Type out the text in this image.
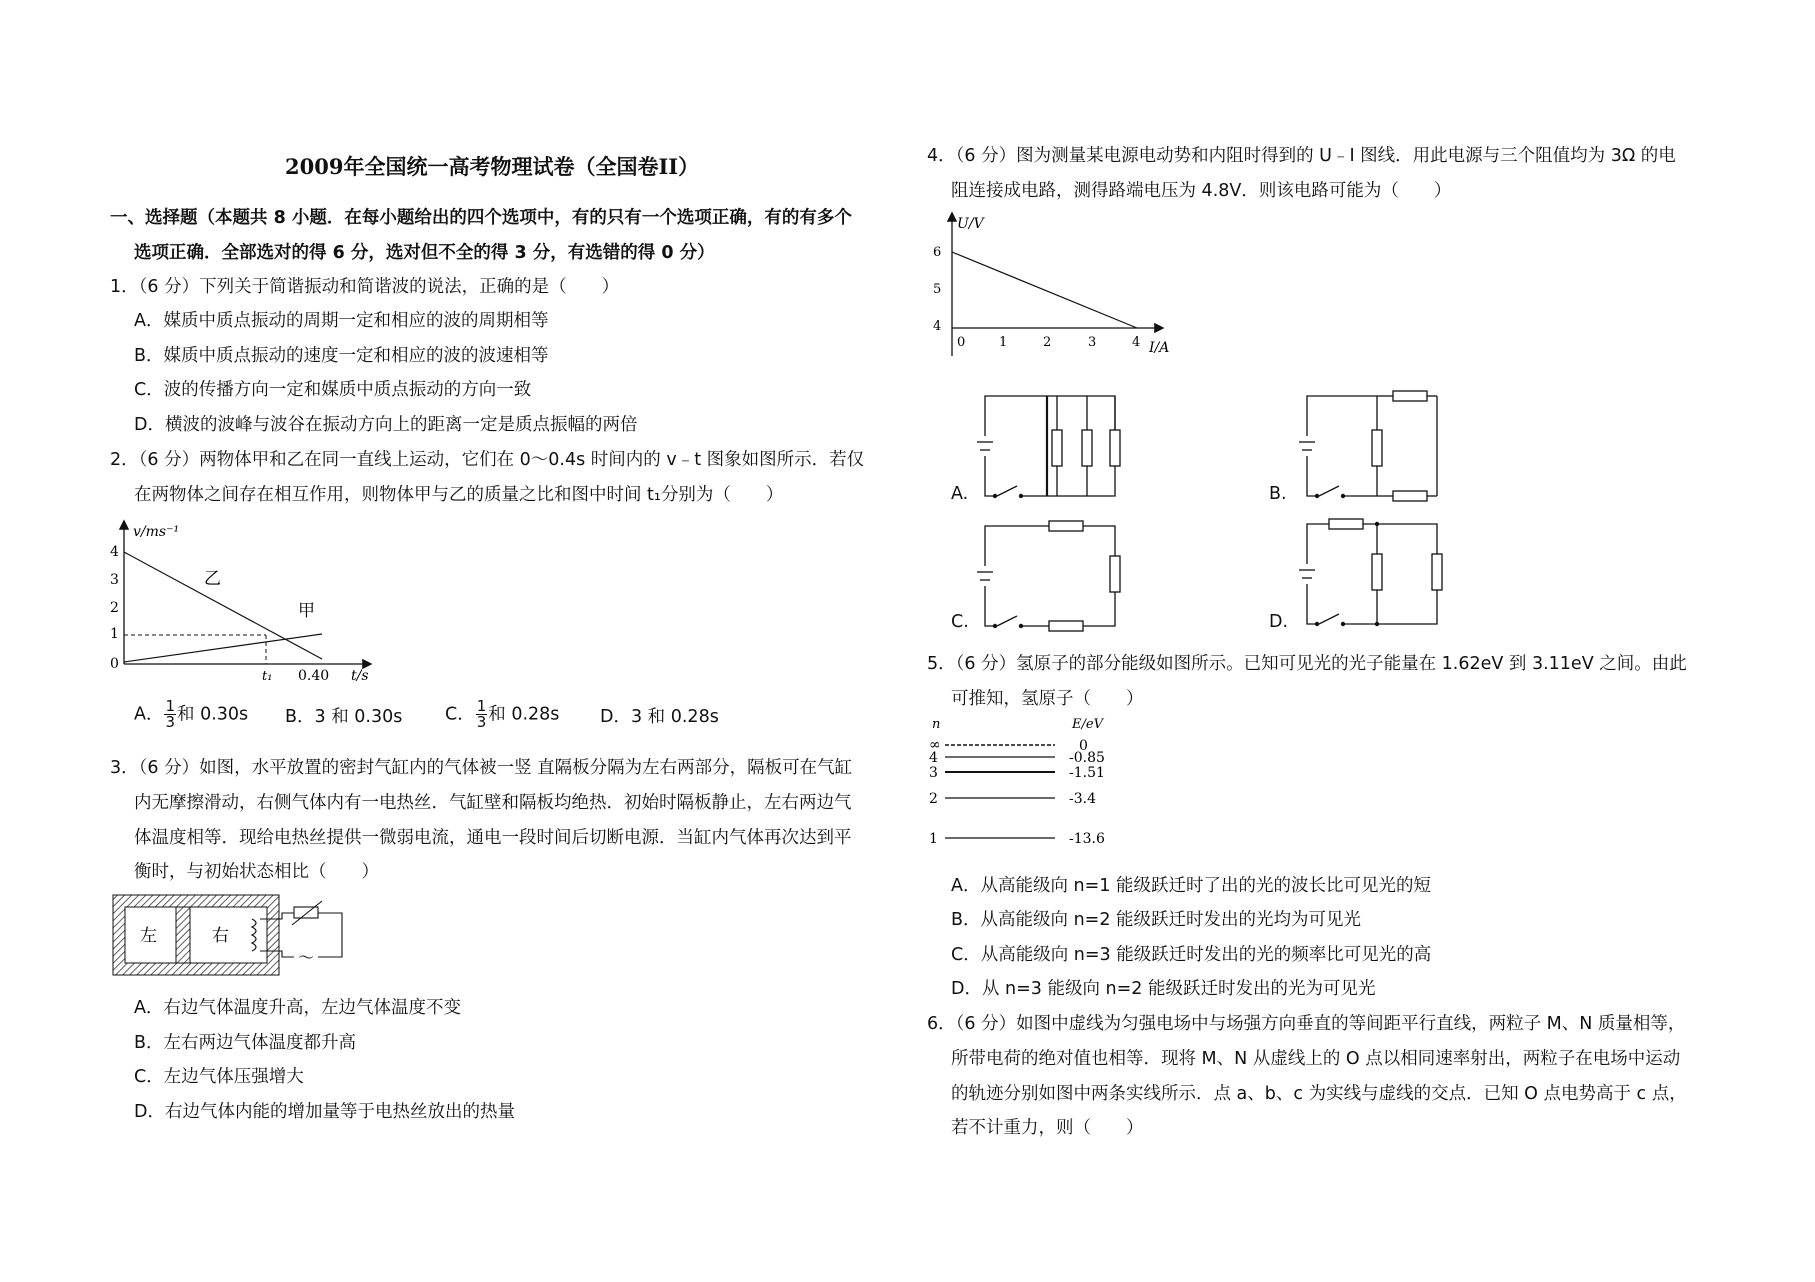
2009年全国统一高考物理试卷（全国卷II）
一、选择题（本题共 8 小题．在每小题给出的四个选项中，有的只有一个选项正确，有的有多个
选项正确．全部选对的得 6 分，选对但不全的得 3 分，有选错的得 0 分）
1．（6 分）下列关于简谐振动和简谐波的说法，正确的是（　　）
A．媒质中质点振动的周期一定和相应的波的周期相等
B．媒质中质点振动的速度一定和相应的波的波速相等
C．波的传播方向一定和媒质中质点振动的方向一致
D．横波的波峰与波谷在振动方向上的距离一定是质点振幅的两倍
2．（6 分）两物体甲和乙在同一直线上运动，它们在 0～0.4s 时间内的 v﹣t 图象如图所示．若仅
在两物体之间存在相互作用，则物体甲与乙的质量之比和图中时间 t₁分别为（　　）
v/ms⁻¹
t/s
4
3
2
1
0
乙
甲
t₁ 0.40
A． $\frac{1}{3}$ 和 0.30s B．3 和 0.30s C． $\frac{1}{3}$ 和 0.28s D．3 和 0.28s
3．（6 分）如图，水平放置的密封气缸内的气体被一竖 直隔板分隔为左右两部分，隔板可在气缸
内无摩擦滑动，右侧气体内有一电热丝．气缸壁和隔板均绝热．初始时隔板静止，左右两边气
体温度相等．现给电热丝提供一微弱电流，通电一段时间后切断电源．当缸内气体再次达到平
衡时，与初始状态相比（　　）
左	右
～
A．右边气体温度升高，左边气体温度不变
B．左右两边气体温度都升高
C．左边气体压强增大
D．右边气体内能的增加量等于电热丝放出的热量
4．（6 分）图为测量某电源电动势和内阻时得到的 U﹣I 图线．用此电源与三个阻值均为 3Ω 的电
阻连接成电路，测得路端电压为 4.8V．则该电路可能为（　　）
U/V
I/A
6
5
4
0	1	2	3	4
A.	B.
C.	D.
5．（6 分）氢原子的部分能级如图所示。已知可见光的光子能量在 1.62eV 到 3.11eV 之间。由此
可推知，氢原子（　　）
n	E/eV
∞	0
4	-0.85
3	-1.51
2	-3.4
1	-13.6
A．从高能级向 n=1 能级跃迁时了出的光的波长比可见光的短
B．从高能级向 n=2 能级跃迁时发出的光均为可见光
C．从高能级向 n=3 能级跃迁时发出的光的频率比可见光的高
D．从 n=3 能级向 n=2 能级跃迁时发出的光为可见光
6．（6 分）如图中虚线为匀强电场中与场强方向垂直的等间距平行直线，两粒子 M、N 质量相等，
所带电荷的绝对值也相等．现将 M、N 从虚线上的 O 点以相同速率射出，两粒子在电场中运动
的轨迹分别如图中两条实线所示．点 a、b、c 为实线与虚线的交点．已知 O 点电势高于 c 点，
若不计重力，则（　　）
